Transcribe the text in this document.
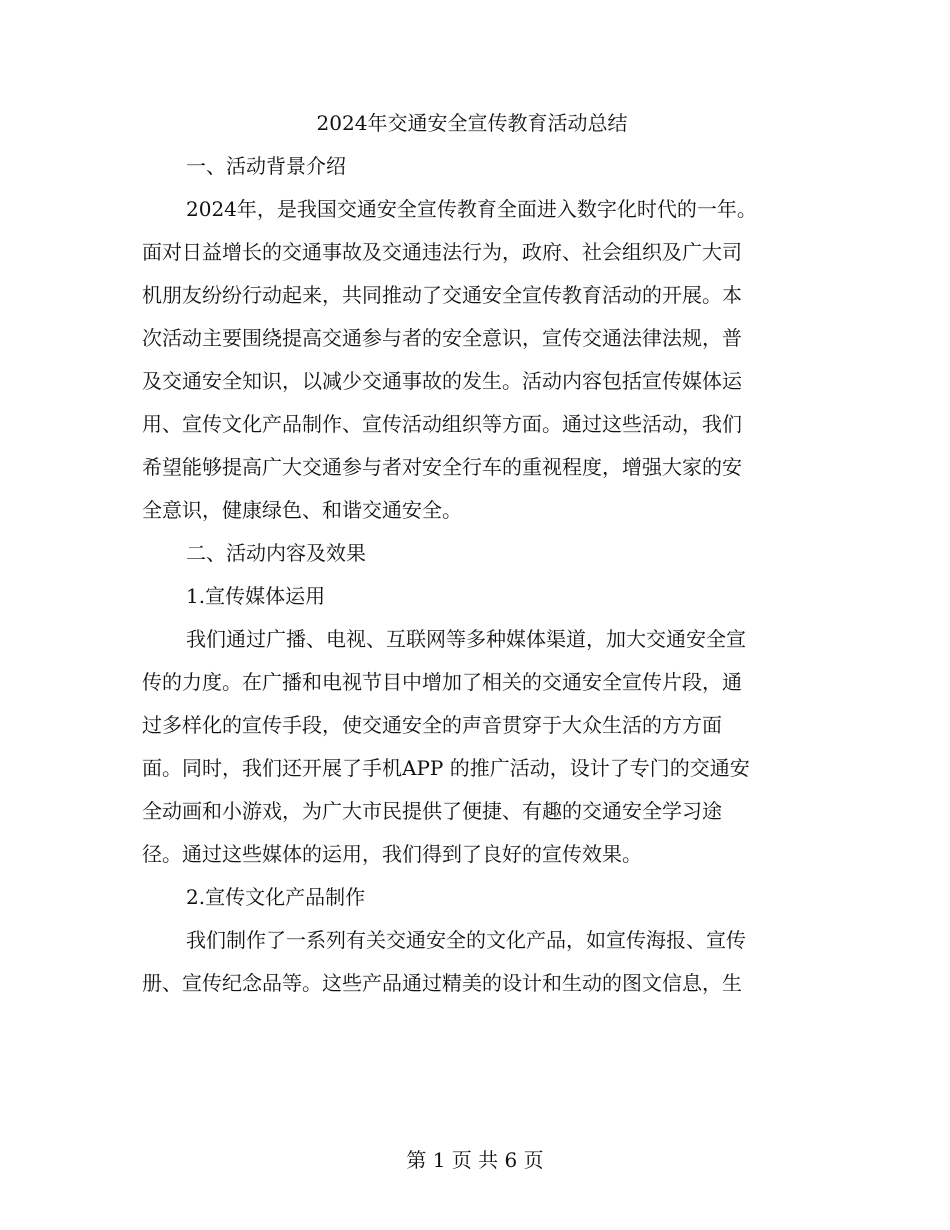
2024年交通安全宣传教育活动总结
一、活动背景介绍
2024年，是我国交通安全宣传教育全面进入数字化时代的一年。
面对日益增长的交通事故及交通违法行为，政府、社会组织及广大司
机朋友纷纷行动起来，共同推动了交通安全宣传教育活动的开展。本
次活动主要围绕提高交通参与者的安全意识，宣传交通法律法规，普
及交通安全知识，以减少交通事故的发生。活动内容包括宣传媒体运
用、宣传文化产品制作、宣传活动组织等方面。通过这些活动，我们
希望能够提高广大交通参与者对安全行车的重视程度，增强大家的安
全意识，健康绿色、和谐交通安全。
二、活动内容及效果
1.宣传媒体运用
我们通过广播、电视、互联网等多种媒体渠道，加大交通安全宣
传的力度。在广播和电视节目中增加了相关的交通安全宣传片段，通
过多样化的宣传手段，使交通安全的声音贯穿于大众生活的方方面
面。同时，我们还开展了手机APP 的推广活动，设计了专门的交通安
全动画和小游戏，为广大市民提供了便捷、有趣的交通安全学习途
径。通过这些媒体的运用，我们得到了良好的宣传效果。
2.宣传文化产品制作
我们制作了一系列有关交通安全的文化产品，如宣传海报、宣传
册、宣传纪念品等。这些产品通过精美的设计和生动的图文信息，生
第 1 页 共 6 页
